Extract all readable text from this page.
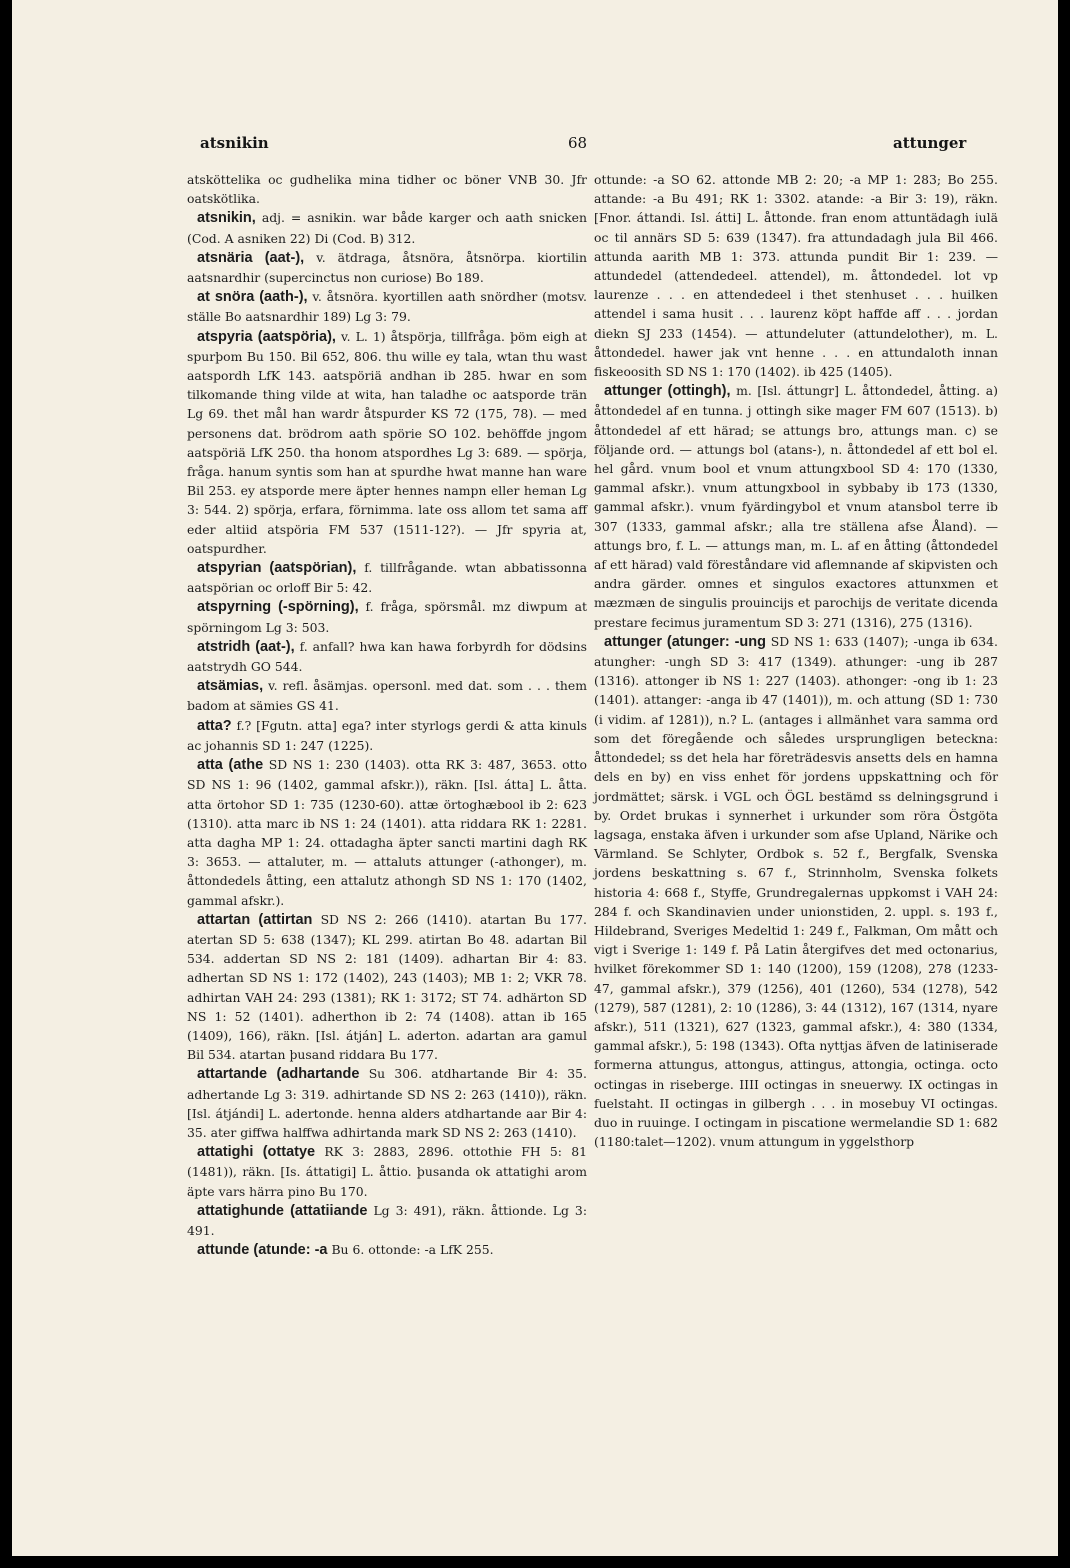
atsnikin	68	attunger

atsköttelika oc gudhelika mina tidher oc böner VNB 30. Jfr oatskötlika.

atsnikin, adj. = asnikin. war både karger och aath snicken (Cod. A asniken 22) Di (Cod. B) 312.

atsnäria (aat-), v. ätdraga, åtsnöra, åtsnörpa. kiortilin aatsnardhir (supercinctus non curiose) Bo 189.

at snöra (aath-), v. åtsnöra. kyortillen aath snördher (motsv. ställe Bo aatsnardhir 189) Lg 3: 79.

atspyria (aatspöria), v. L. 1) åtspörja, tillfråga. þöm eigh at spurþom Bu 150. Bil 652, 806. thu wille ey tala, wtan thu wast aatspordh LfK 143. aatspöriä andhan ib 285. hwar en som tilkomande thing vilde at wita, han taladhe oc aatsporde trän Lg 69. thet mål han wardr åtspurder KS 72 (175, 78). — med personens dat. brödrom aath spörie SO 102. behöffde jngom aatspöriä LfK 250. tha honom atspordhes Lg 3: 689. — spörja, fråga. hanum syntis som han at spurdhe hwat manne han ware Bil 253. ey atsporde mere äpter hennes nampn eller heman Lg 3: 544. 2) spörja, erfara, förnimma. late oss allom tet sama aff eder altiid atspöria FM 537 (1511-12?). — Jfr spyria at, oatspurdher.

atspyrian (aatspörian), f. tillfrågande. wtan abbatissonna aatspörian oc orloff Bir 5: 42.

atspyrning (-spörning), f. fråga, spörsmål. mz diwpum at spörningom Lg 3: 503.

atstridh (aat-), f. anfall? hwa kan hawa forbyrdh for dödsins aatstrydh GO 544.

atsämias, v. refl. åsämjas. opersonl. med dat. som . . . them badom at sämies GS 41.

atta? f.? [Fgutn. atta] ega? inter styrlogs gerdi & atta kinuls ac johannis SD 1: 247 (1225).

atta (athe SD NS 1: 230 (1403). otta RK 3: 487, 3653. otto SD NS 1: 96 (1402, gammal afskr.)), räkn. [Isl. átta] L. åtta. atta örtohor SD 1: 735 (1230-60). attæ örtoghæbool ib 2: 623 (1310). atta marc ib NS 1: 24 (1401). atta riddara RK 1: 2281. atta dagha MP 1: 24. ottadagha äpter sancti martini dagh RK 3: 3653. — attaluter, m. — attaluts attunger (-athonger), m. åttondedels åtting, een attalutz athongh SD NS 1: 170 (1402, gammal afskr.).

attartan (attirtan SD NS 2: 266 (1410). atartan Bu 177. atertan SD 5: 638 (1347); KL 299. atirtan Bo 48. adartan Bil 534. addertan SD NS 2: 181 (1409). adhartan Bir 4: 83. adhertan SD NS 1: 172 (1402), 243 (1403); MB 1: 2; VKR 78. adhirtan VAH 24: 293 (1381); RK 1: 3172; ST 74. adhärton SD NS 1: 52 (1401). adherthon ib 2: 74 (1408). attan ib 165 (1409), 166), räkn. [Isl. átján] L. aderton. adartan ara gamul Bil 534. atartan þusand riddara Bu 177.

attartande (adhartande Su 306. atdhartande Bir 4: 35. adhertande Lg 3: 319. adhirtande SD NS 2: 263 (1410)), räkn. [Isl. átjándi] L. adertonde. henna alders atdhartande aar Bir 4: 35. ater giffwa halffwa adhirtanda mark SD NS 2: 263 (1410).

attatighi (ottatye RK 3: 2883, 2896. ottothie FH 5: 81 (1481)), räkn. [Is. áttatigi] L. åttio. þusanda ok attatighi arom äpte vars härra pino Bu 170.

attatighunde (attatiiande Lg 3: 491), räkn. åttionde. Lg 3: 491.

attunde (atunde: -a Bu 6. ottonde: -a LfK 255.

ottunde: -a SO 62. attonde MB 2: 20; -a MP 1: 283; Bo 255. attande: -a Bu 491; RK 1: 3302. atande: -a Bir 3: 19), räkn. [Fnor. áttandi. Isl. átti] L. åttonde. fran enom attuntädagh iulä oc til annärs SD 5: 639 (1347). fra attundadagh jula Bil 466. attunda aarith MB 1: 373. attunda pundit Bir 1: 239. — attundedel (attendedeel. attendel), m. åttondedel. lot vp laurenze . . . en attendedeel i thet stenhuset . . . huilken attendel i sama husit . . . laurenz köpt haffde aff . . . jordan diekn SJ 233 (1454). — attundeluter (attundelother), m. L. åttondedel. hawer jak vnt henne . . . en attundaloth innan fiskeoosith SD NS 1: 170 (1402). ib 425 (1405).

attunger (ottingh), m. [Isl. áttungr] L. åttondedel, åtting. a) åttondedel af en tunna. j ottingh sike mager FM 607 (1513). b) åttondedel af ett härad; se attungs bro, attungs man. c) se följande ord. — attungs bol (atans-), n. åttondedel af ett bol el. hel gård. vnum bool et vnum attungxbool SD 4: 170 (1330, gammal afskr.). vnum attungxbool in sybbaby ib 173 (1330, gammal afskr.). vnum fyärdingybol et vnum atansbol terre ib 307 (1333, gammal afskr.; alla tre ställena afse Åland). — attungs bro, f. L. — attungs man, m. L. af en åtting (åttondedel af ett härad) vald föreståndare vid aflemnande af skipvisten och andra gärder. omnes et singulos exactores attunxmen et mæzmæn de singulis prouincijs et parochijs de veritate dicenda prestare fecimus juramentum SD 3: 271 (1316), 275 (1316).

attunger (atunger: -ung SD NS 1: 633 (1407); -unga ib 634. atungher: -ungh SD 3: 417 (1349). athunger: -ung ib 287 (1316). attonger ib NS 1: 227 (1403). athonger: -ong ib 1: 23 (1401). attanger: -anga ib 47 (1401)), m. och attung (SD 1: 730 (i vidim. af 1281)), n.? L. (antages i allmänhet vara samma ord som det föregående och således ursprungligen beteckna: åttondedel; ss det hela har företrädesvis ansetts dels en hamna dels en by) en viss enhet för jordens uppskattning och för jordmättet; särsk. i VGL och ÖGL bestämd ss delningsgrund i by. Ordet brukas i synnerhet i urkunder som röra Östgöta lagsaga, enstaka äfven i urkunder som afse Upland, Närike och Värmland. Se Schlyter, Ordbok s. 52 f., Bergfalk, Svenska jordens beskattning s. 67 f., Strinnholm, Svenska folkets historia 4: 668 f., Styffe, Grundregalernas uppkomst i VAH 24: 284 f. och Skandinavien under unionstiden, 2. uppl. s. 193 f., Hildebrand, Sveriges Medeltid 1: 249 f., Falkman, Om mått och vigt i Sverige 1: 149 f. På Latin återgifves det med octonarius, hvilket förekommer SD 1: 140 (1200), 159 (1208), 278 (1233-47, gammal afskr.), 379 (1256), 401 (1260), 534 (1278), 542 (1279), 587 (1281), 2: 10 (1286), 3: 44 (1312), 167 (1314, nyare afskr.), 511 (1321), 627 (1323, gammal afskr.), 4: 380 (1334, gammal afskr.), 5: 198 (1343). Ofta nyttjas äfven de latiniserade formerna attungus, attongus, attingus, attongia, octinga. octo octingas in riseberge. IIII octingas in sneuerwy. IX octingas in fuelstaht. II octingas in gilbergh . . . in mosebuy VI octingas. duo in ruuinge. I octingam in piscatione wermelandie SD 1: 682 (1180:talet—1202). vnum attungum in yggelsthorp
